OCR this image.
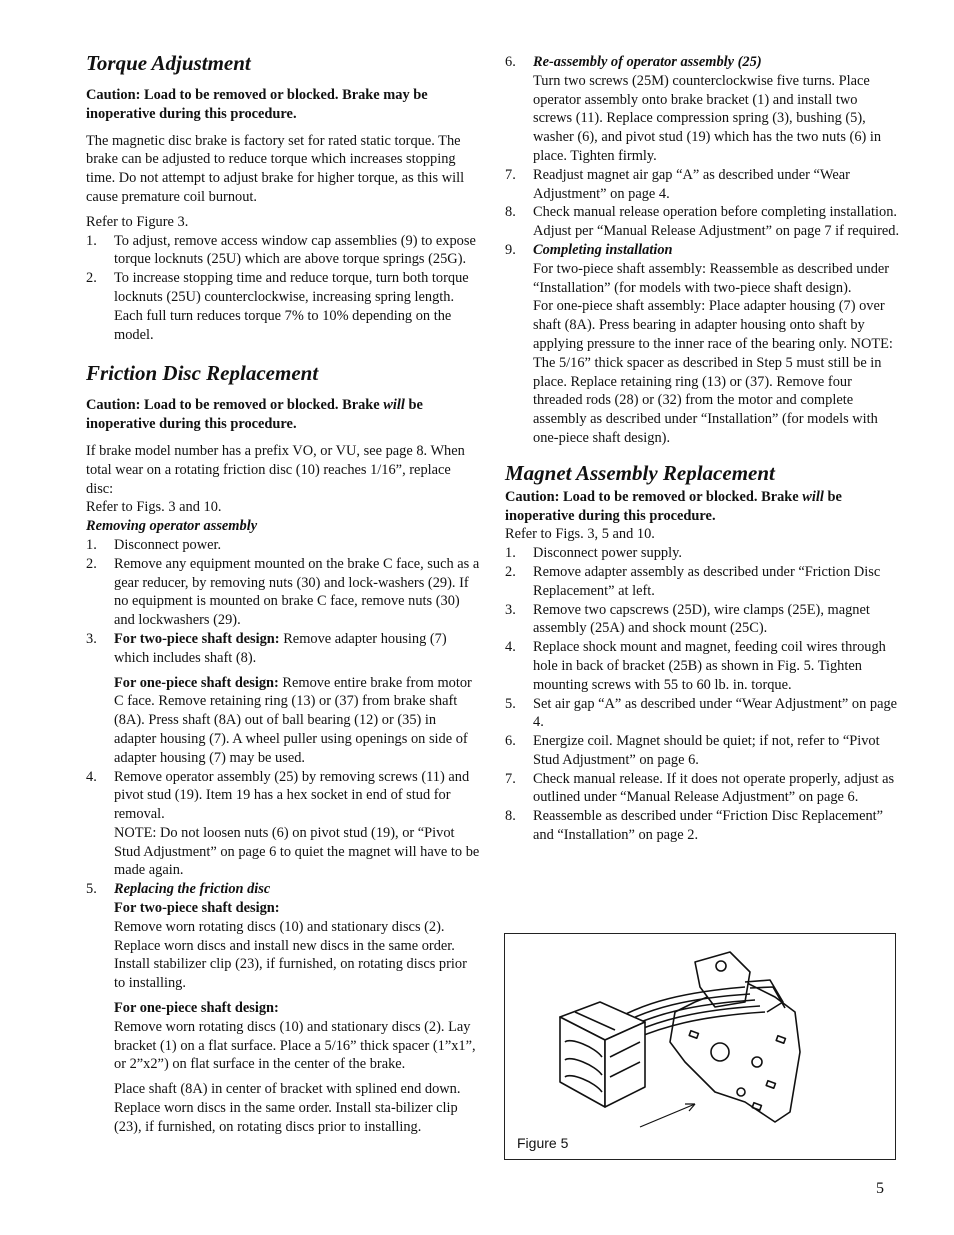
Torque Adjustment

Caution: Load to be removed or blocked. Brake may be inoperative during this procedure.

The magnetic disc brake is factory set for rated static torque. The brake can be adjusted to reduce torque which increases stopping time. Do not attempt to adjust brake for higher torque, as this will cause premature coil burnout.

Refer to Figure 3.

1. To adjust, remove access window cap assemblies (9) to expose torque locknuts (25U) which are above torque springs (25G).
2. To increase stopping time and reduce torque, turn both torque locknuts (25U) counterclockwise, increasing spring length. Each full turn reduces torque 7% to 10% depending on the model.
Friction Disc Replacement

Caution: Load to be removed or blocked. Brake will be inoperative during this procedure.

If brake model number has a prefix VO, or VU, see page 8. When total wear on a rotating friction disc (10) reaches 1/16”, replace disc:

Refer to Figs. 3 and 10.

Removing operator assembly

1. Disconnect power.
2. Remove any equipment mounted on the brake C face, such as a gear reducer, by removing nuts (30) and lock-washers (29). If no equipment is mounted on brake C face, remove nuts (30) and lockwashers (29).
3. For two-piece shaft design: Remove adapter housing (7) which includes shaft (8).

For one-piece shaft design: Remove entire brake from motor C face. Remove retaining ring (13) or (37) from brake shaft (8A). Press shaft (8A) out of ball bearing (12) or (35) in adapter housing (7). A wheel puller using openings on side of adapter housing (7) may be used.

4. Remove operator assembly (25) by removing screws (11) and pivot stud (19). Item 19 has a hex socket in end of stud for removal.

NOTE: Do not loosen nuts (6) on pivot stud (19), or “Pivot Stud Adjustment” on page 6 to quiet the magnet will have to be made again.

5. Replacing the friction disc

For two-piece shaft design:

Remove worn rotating discs (10) and stationary discs (2). Replace worn discs and install new discs in the same order. Install stabilizer clip (23), if furnished, on rotating discs prior to installing.

For one-piece shaft design:

Remove worn rotating discs (10) and stationary discs (2). Lay bracket (1) on a flat surface. Place a 5/16” thick spacer (1”x1”, or 2”x2”) on flat surface in the center of the brake.

Place shaft (8A) in center of bracket with splined end down. Replace worn discs in the same order. Install sta-bilizer clip (23), if furnished, on rotating discs prior to installing.

6. Re-assembly of operator assembly (25)

Turn two screws (25M) counterclockwise five turns. Place operator assembly onto brake bracket (1) and install two screws (11). Replace compression spring (3), bushing (5), washer (6), and pivot stud (19) which has the two nuts (6) in place. Tighten firmly.

7. Readjust magnet air gap “A” as described under “Wear Adjustment” on page 4.
8. Check manual release operation before completing installation. Adjust per “Manual Release Adjustment” on page 7 if required.
9. Completing installation

For two-piece shaft assembly: Reassemble as described under “Installation” (for models with two-piece shaft design).

For one-piece shaft assembly: Place adapter housing (7) over shaft (8A). Press bearing in adapter housing onto shaft by applying pressure to the inner race of the bearing only. NOTE: The 5/16” thick spacer as described in Step 5 must still be in place. Replace retaining ring (13) or (37). Remove four threaded rods (28) or (32) from the motor and complete assembly as described under “Installation” (for models with one-piece shaft design).

Magnet Assembly Replacement

Caution: Load to be removed or blocked. Brake will be inoperative during this procedure.

Refer to Figs. 3, 5 and 10.

1. Disconnect power supply.
2. Remove adapter assembly as described under “Friction Disc Replacement” at left.
3. Remove two capscrews (25D), wire clamps (25E), magnet assembly (25A) and shock mount (25C).
4. Replace shock mount and magnet, feeding coil wires through hole in back of bracket (25B) as shown in Fig. 5. Tighten mounting screws with 55 to 60 lb. in. torque.
5. Set air gap “A” as described under “Wear Adjustment” on page 4.
6. Energize coil. Magnet should be quiet; if not, refer to “Pivot Stud Adjustment” on page 6.
7. Check manual release. If it does not operate properly, adjust as outlined under “Manual Release Adjustment” on page 6.
8. Reassemble as described under “Friction Disc Replacement” and “Installation” on page 2.
Figure 5
5
